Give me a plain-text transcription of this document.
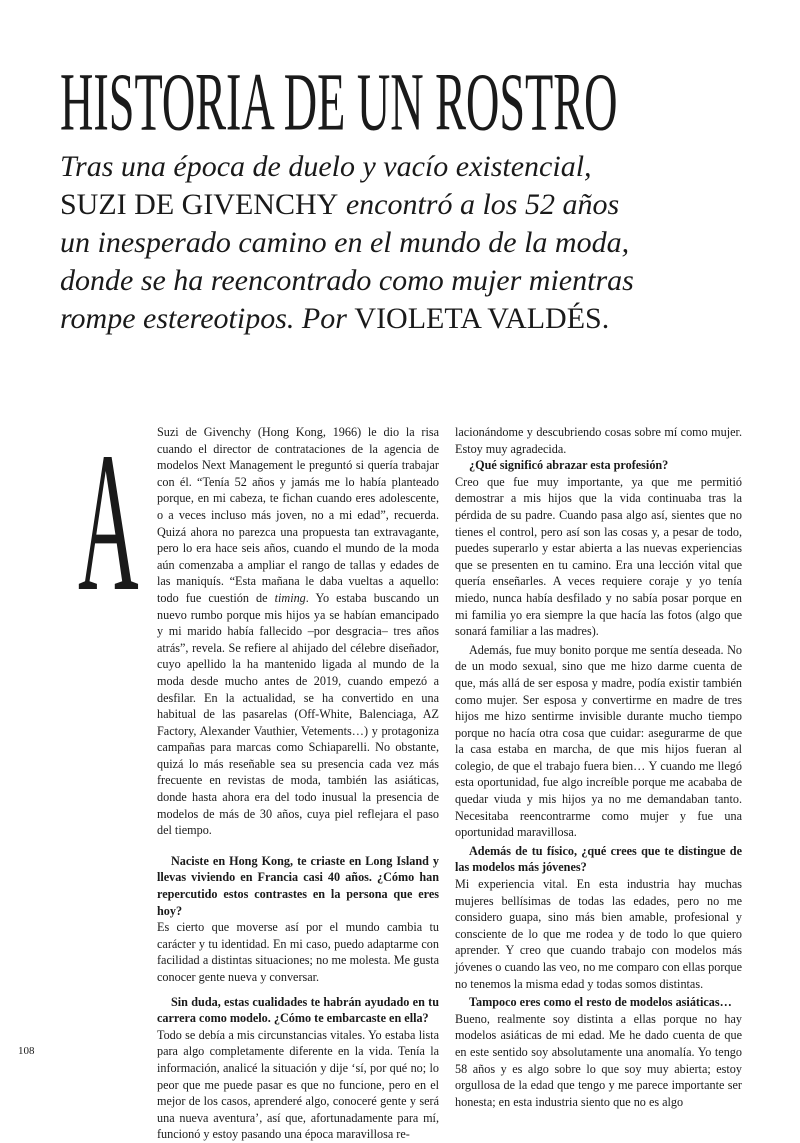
HISTORIA DE UN ROSTRO
Tras una época de duelo y vacío existencial,
SUZI DE GIVENCHY encontró a los 52 años
un inesperado camino en el mundo de la moda,
donde se ha reencontrado como mujer mientras
rompe estereotipos. Por VIOLETA VALDÉS.
A Suzi de Givenchy (Hong Kong, 1966) le dio la risa cuando el director de contrataciones de la agencia de modelos Next Management le preguntó si quería trabajar con él. “Tenía 52 años y jamás me lo había planteado porque, en mi cabeza, te fichan cuando eres adolescente, o a veces incluso más joven, no a mi edad”, recuerda. Quizá ahora no parezca una propuesta tan extravagante, pero lo era hace seis años, cuando el mundo de la moda aún comenzaba a ampliar el rango de tallas y edades de las maniquís. “Esta mañana le daba vueltas a aquello: todo fue cuestión de timing. Yo estaba buscando un nuevo rumbo porque mis hijos ya se habían emancipado y mi marido había fallecido –por desgracia– tres años atrás”, revela. Se refiere al ahijado del célebre diseñador, cuyo apellido la ha mantenido ligada al mundo de la moda desde mucho antes de 2019, cuando empezó a desfilar. En la actualidad, se ha convertido en una habitual de las pasarelas (Off-White, Balenciaga, AZ Factory, Alexander Vauthier, Vetements…) y protagoniza campañas para marcas como Schiaparelli. No obstante, quizá lo más reseñable sea su presencia cada vez más frecuente en revistas de moda, también las asiáticas, donde hasta ahora era del todo inusual la presencia de modelos de más de 30 años, cuya piel reflejara el paso del tiempo.

Naciste en Hong Kong, te criaste en Long Island y llevas viviendo en Francia casi 40 años. ¿Cómo han repercutido estos contrastes en la persona que eres hoy?

Es cierto que moverse así por el mundo cambia tu carácter y tu identidad. En mi caso, puedo adaptarme con facilidad a distintas situaciones; no me molesta. Me gusta conocer gente nueva y conversar.

Sin duda, estas cualidades te habrán ayudado en tu carrera como modelo. ¿Cómo te embarcaste en ella?

Todo se debía a mis circunstancias vitales. Yo estaba lista para algo completamente diferente en la vida. Tenía la información, analicé la situación y dije ‘sí, por qué no; lo peor que me puede pasar es que no funcione, pero en el mejor de los casos, aprenderé algo, conoceré gente y será una nueva aventura’, así que, afortunadamente para mí, funcionó y estoy pasando una época maravillosa re-

lacionándome y descubriendo cosas sobre mí como mujer. Estoy muy agradecida.

¿Qué significó abrazar esta profesión?

Creo que fue muy importante, ya que me permitió demostrar a mis hijos que la vida continuaba tras la pérdida de su padre. Cuando pasa algo así, sientes que no tienes el control, pero así son las cosas y, a pesar de todo, puedes superarlo y estar abierta a las nuevas experiencias que se presenten en tu camino. Era una lección vital que quería enseñarles. A veces requiere coraje y yo tenía miedo, nunca había desfilado y no sabía posar porque en mi familia yo era siempre la que hacía las fotos (algo que sonará familiar a las madres).

Además, fue muy bonito porque me sentía deseada. No de un modo sexual, sino que me hizo darme cuenta de que, más allá de ser esposa y madre, podía existir también como mujer. Ser esposa y convertirme en madre de tres hijos me hizo sentirme invisible durante mucho tiempo porque no hacía otra cosa que cuidar: asegurarme de que la casa estaba en marcha, de que mis hijos fueran al colegio, de que el trabajo fuera bien… Y cuando me llegó esta oportunidad, fue algo increíble porque me acababa de quedar viuda y mis hijos ya no me demandaban tanto. Necesitaba reencontrarme como mujer y fue una oportunidad maravillosa.

Además de tu físico, ¿qué crees que te distingue de las modelos más jóvenes?

Mi experiencia vital. En esta industria hay muchas mujeres bellísimas de todas las edades, pero no me considero guapa, sino más bien amable, profesional y consciente de lo que me rodea y de todo lo que quiero aprender. Y creo que cuando trabajo con modelos más jóvenes o cuando las veo, no me comparo con ellas porque no tenemos la misma edad y todas somos distintas.

Tampoco eres como el resto de modelos asiáticas…

Bueno, realmente soy distinta a ellas porque no hay modelos asiáticas de mi edad. Me he dado cuenta de que en este sentido soy absolutamente una anomalía. Yo tengo 58 años y es algo sobre lo que soy muy abierta; estoy orgullosa de la edad que tengo y me parece importante ser honesta; en esta industria siento que no es algo

108
